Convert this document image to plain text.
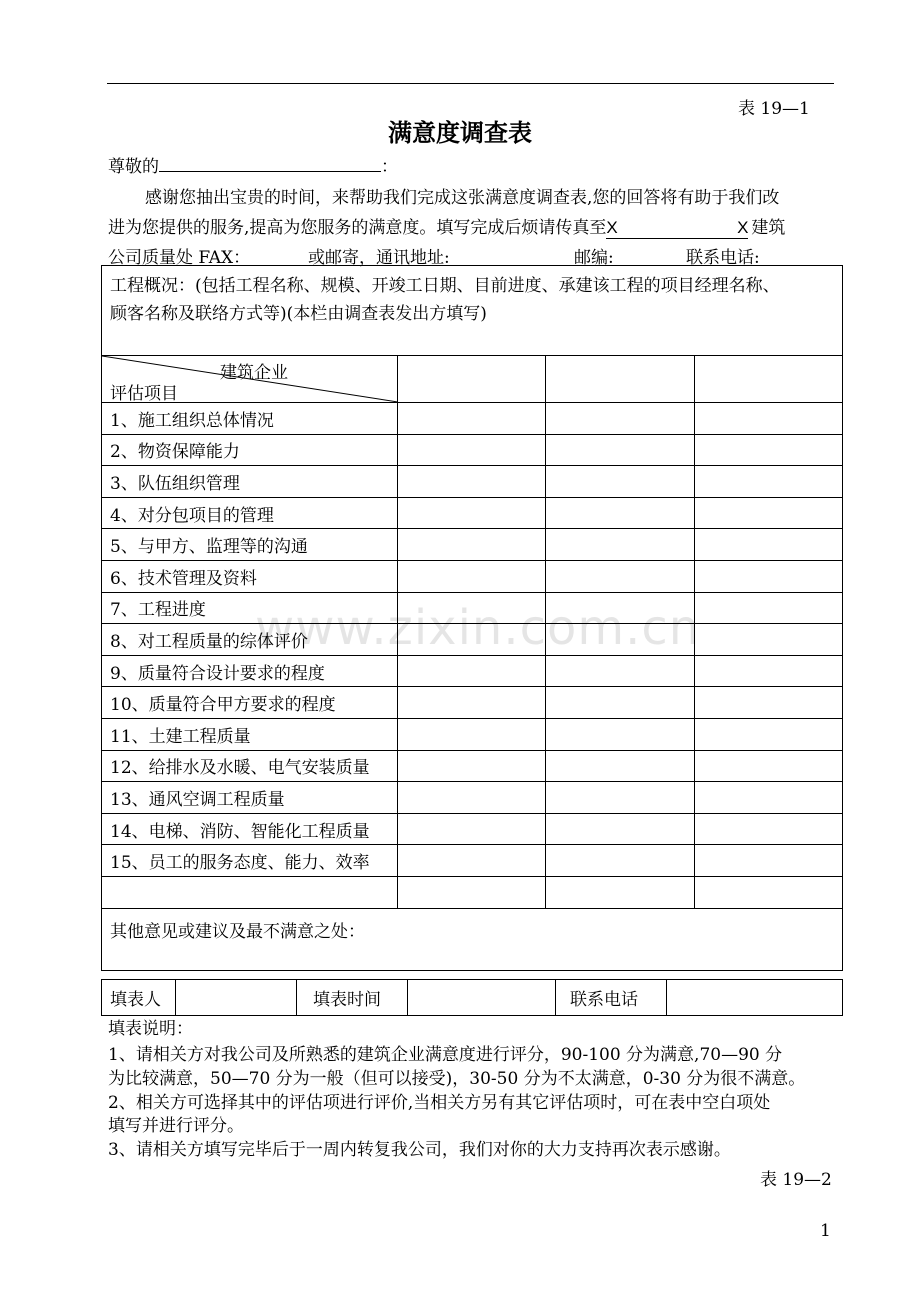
表 19—1
满意度调查表
尊敬的	：
感谢您抽出宝贵的时间，来帮助我们完成这张满意度调查表,您的回答将有助于我们改
进为您提供的服务,提高为您服务的满意度。填写完成后烦请传真至X	X 建筑
公司质量处 FAX：	或邮寄，通讯地址:	邮编:	联系电话:
工程概况：(包括工程名称、规模、开竣工日期、目前进度、承建该工程的项目经理名称、
顾客名称及联络方式等)(本栏由调查表发出方填写)			

建筑企业
评估项目			

1、施工组织总体情况			
2、物资保障能力			
3、队伍组织管理			
4、对分包项目的管理			
5、与甲方、监理等的沟通			
6、技术管理及资料			
7、工程进度			
8、对工程质量的综体评价			
9、质量符合设计要求的程度			
10、质量符合甲方要求的程度			
11、土建工程质量			
12、给排水及水暖、电气安装质量			
13、通风空调工程质量			
14、电梯、消防、智能化工程质量			
15、员工的服务态度、能力、效率			

其他意见或建议及最不满意之处：			
填表人		填表时间		联系电话	
填表说明：
1、请相关方对我公司及所熟悉的建筑企业满意度进行评分，90-100 分为满意,70—90 分
为比较满意，50—70 分为一般（但可以接受)，30-50 分为不太满意，0-30 分为很不满意。
2、相关方可选择其中的评估项进行评价,当相关方另有其它评估项时，可在表中空白项处
填写并进行评分。
3、请相关方填写完毕后于一周内转复我公司，我们对你的大力支持再次表示感谢。
表 19—2
1
www.zixin.com.cn
